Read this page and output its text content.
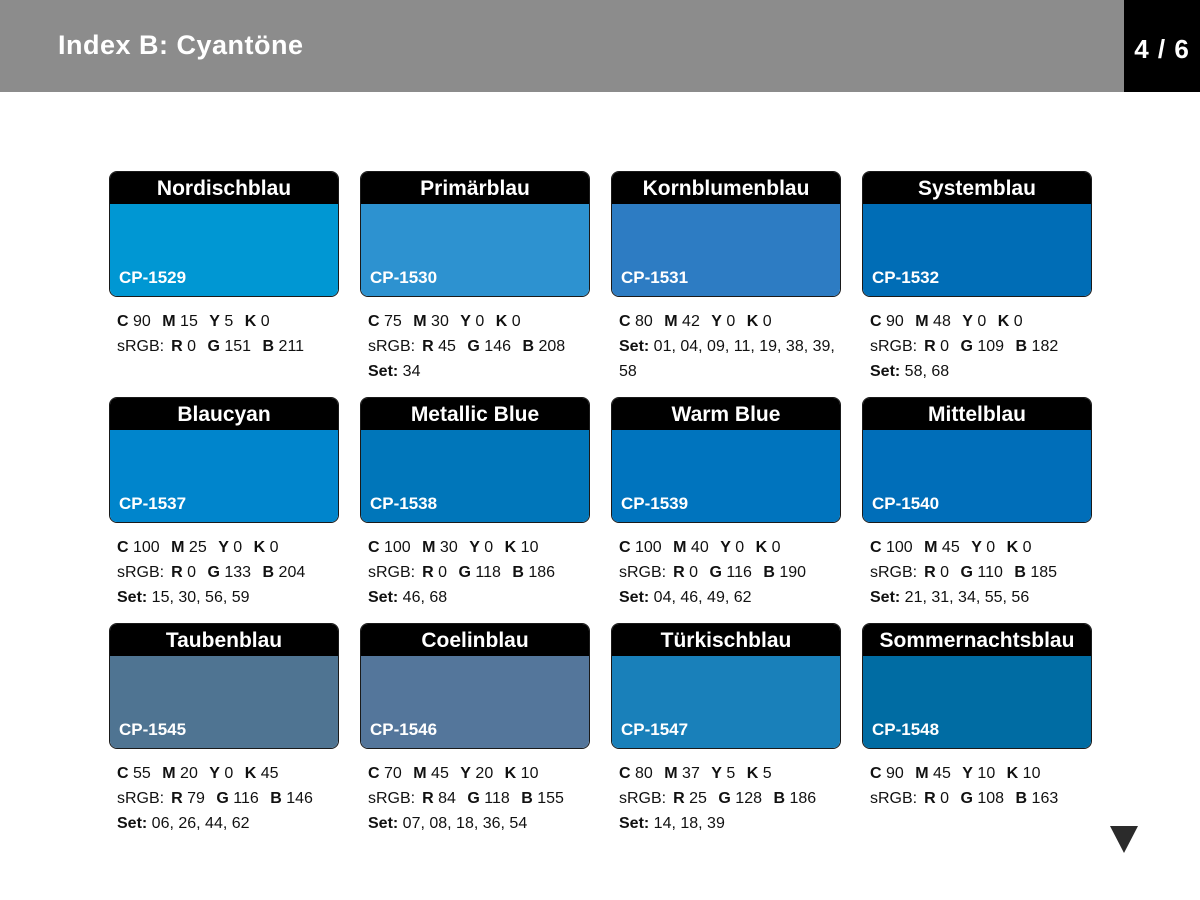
Index B: Cyantöne	4 / 6
Nordischblau
CP-1529
C 90 M 15 Y 5 K 0
sRGB: R 0 G 151 B 211
Primärblau
CP-1530
C 75 M 30 Y 0 K 0
sRGB: R 45 G 146 B 208
Set: 34
Kornblumenblau
CP-1531
C 80 M 42 Y 0 K 0
Set: 01, 04, 09, 11, 19, 38, 39, 58
Systemblau
CP-1532
C 90 M 48 Y 0 K 0
sRGB: R 0 G 109 B 182
Set: 58, 68
Blaucyan
CP-1537
C 100 M 25 Y 0 K 0
sRGB: R 0 G 133 B 204
Set: 15, 30, 56, 59
Metallic Blue
CP-1538
C 100 M 30 Y 0 K 10
sRGB: R 0 G 118 B 186
Set: 46, 68
Warm Blue
CP-1539
C 100 M 40 Y 0 K 0
sRGB: R 0 G 116 B 190
Set: 04, 46, 49, 62
Mittelblau
CP-1540
C 100 M 45 Y 0 K 0
sRGB: R 0 G 110 B 185
Set: 21, 31, 34, 55, 56
Taubenblau
CP-1545
C 55 M 20 Y 0 K 45
sRGB: R 79 G 116 B 146
Set: 06, 26, 44, 62
Coelinblau
CP-1546
C 70 M 45 Y 20 K 10
sRGB: R 84 G 118 B 155
Set: 07, 08, 18, 36, 54
Türkischblau
CP-1547
C 80 M 37 Y 5 K 5
sRGB: R 25 G 128 B 186
Set: 14, 18, 39
Sommernachtsblau
CP-1548
C 90 M 45 Y 10 K 10
sRGB: R 0 G 108 B 163
